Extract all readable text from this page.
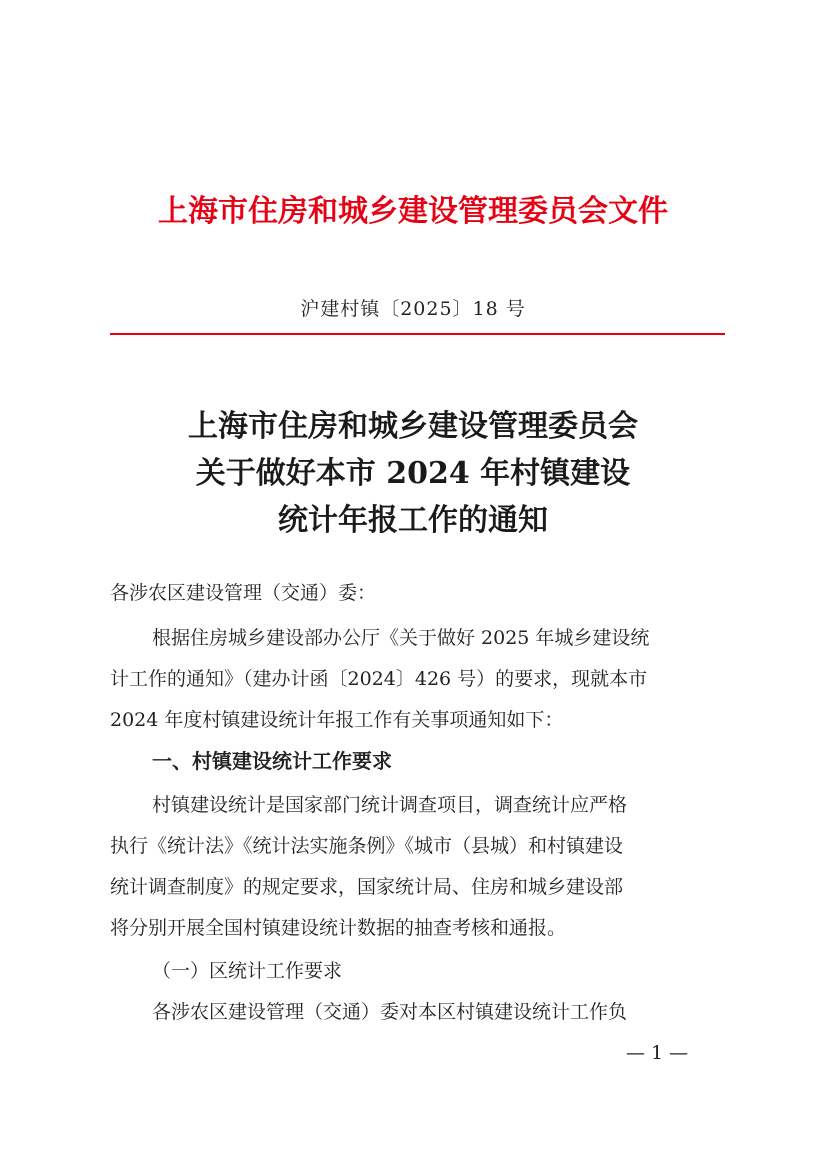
上海市住房和城乡建设管理委员会文件
沪建村镇〔2025〕18 号
上海市住房和城乡建设管理委员会
关于做好本市 2024 年村镇建设
统计年报工作的通知
各涉农区建设管理（交通）委：
根据住房城乡建设部办公厅《关于做好 2025 年城乡建设统
计工作的通知》（建办计函〔2024〕426 号）的要求，现就本市
2024 年度村镇建设统计年报工作有关事项通知如下：
一、村镇建设统计工作要求
村镇建设统计是国家部门统计调查项目，调查统计应严格
执行《统计法》《统计法实施条例》《城市（县城）和村镇建设
统计调查制度》的规定要求，国家统计局、住房和城乡建设部
将分别开展全国村镇建设统计数据的抽查考核和通报。
（一）区统计工作要求
各涉农区建设管理（交通）委对本区村镇建设统计工作负
— 1 —
